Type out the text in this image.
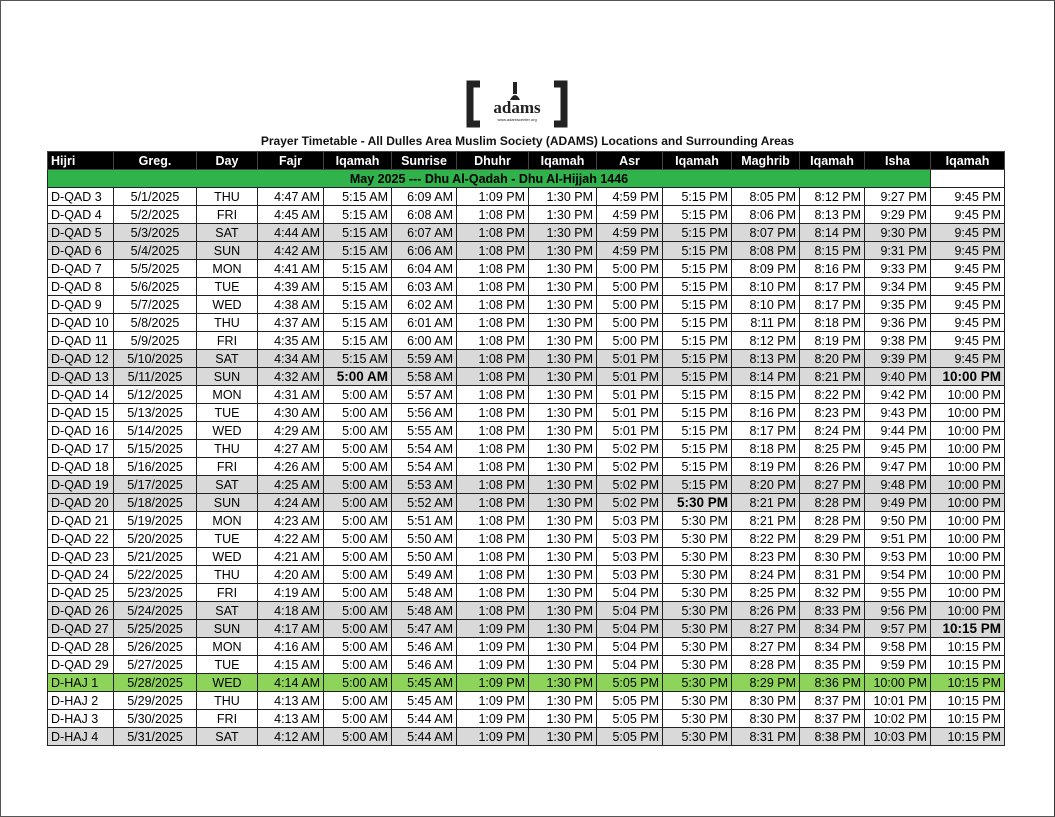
adams
www.adamscenter.org
Prayer Timetable - All Dulles Area Muslim Society (ADAMS) Locations and Surrounding Areas
Hijri	Greg.	Day	Fajr	Iqamah	Sunrise	Dhuhr	Iqamah	Asr	Iqamah	Maghrib	Iqamah	Isha	Iqamah
May 2025 --- Dhu Al-Qadah - Dhu Al-Hijjah 1446													
D-QAD 3	5/1/2025	THU	4:47 AM	5:15 AM	6:09 AM	1:09 PM	1:30 PM	4:59 PM	5:15 PM	8:05 PM	8:12 PM	9:27 PM	9:45 PM
D-QAD 4	5/2/2025	FRI	4:45 AM	5:15 AM	6:08 AM	1:08 PM	1:30 PM	4:59 PM	5:15 PM	8:06 PM	8:13 PM	9:29 PM	9:45 PM
D-QAD 5	5/3/2025	SAT	4:44 AM	5:15 AM	6:07 AM	1:08 PM	1:30 PM	4:59 PM	5:15 PM	8:07 PM	8:14 PM	9:30 PM	9:45 PM
D-QAD 6	5/4/2025	SUN	4:42 AM	5:15 AM	6:06 AM	1:08 PM	1:30 PM	4:59 PM	5:15 PM	8:08 PM	8:15 PM	9:31 PM	9:45 PM
D-QAD 7	5/5/2025	MON	4:41 AM	5:15 AM	6:04 AM	1:08 PM	1:30 PM	5:00 PM	5:15 PM	8:09 PM	8:16 PM	9:33 PM	9:45 PM
D-QAD 8	5/6/2025	TUE	4:39 AM	5:15 AM	6:03 AM	1:08 PM	1:30 PM	5:00 PM	5:15 PM	8:10 PM	8:17 PM	9:34 PM	9:45 PM
D-QAD 9	5/7/2025	WED	4:38 AM	5:15 AM	6:02 AM	1:08 PM	1:30 PM	5:00 PM	5:15 PM	8:10 PM	8:17 PM	9:35 PM	9:45 PM
D-QAD 10	5/8/2025	THU	4:37 AM	5:15 AM	6:01 AM	1:08 PM	1:30 PM	5:00 PM	5:15 PM	8:11 PM	8:18 PM	9:36 PM	9:45 PM
D-QAD 11	5/9/2025	FRI	4:35 AM	5:15 AM	6:00 AM	1:08 PM	1:30 PM	5:00 PM	5:15 PM	8:12 PM	8:19 PM	9:38 PM	9:45 PM
D-QAD 12	5/10/2025	SAT	4:34 AM	5:15 AM	5:59 AM	1:08 PM	1:30 PM	5:01 PM	5:15 PM	8:13 PM	8:20 PM	9:39 PM	9:45 PM
D-QAD 13	5/11/2025	SUN	4:32 AM	5:00 AM	5:58 AM	1:08 PM	1:30 PM	5:01 PM	5:15 PM	8:14 PM	8:21 PM	9:40 PM	10:00 PM
D-QAD 14	5/12/2025	MON	4:31 AM	5:00 AM	5:57 AM	1:08 PM	1:30 PM	5:01 PM	5:15 PM	8:15 PM	8:22 PM	9:42 PM	10:00 PM
D-QAD 15	5/13/2025	TUE	4:30 AM	5:00 AM	5:56 AM	1:08 PM	1:30 PM	5:01 PM	5:15 PM	8:16 PM	8:23 PM	9:43 PM	10:00 PM
D-QAD 16	5/14/2025	WED	4:29 AM	5:00 AM	5:55 AM	1:08 PM	1:30 PM	5:01 PM	5:15 PM	8:17 PM	8:24 PM	9:44 PM	10:00 PM
D-QAD 17	5/15/2025	THU	4:27 AM	5:00 AM	5:54 AM	1:08 PM	1:30 PM	5:02 PM	5:15 PM	8:18 PM	8:25 PM	9:45 PM	10:00 PM
D-QAD 18	5/16/2025	FRI	4:26 AM	5:00 AM	5:54 AM	1:08 PM	1:30 PM	5:02 PM	5:15 PM	8:19 PM	8:26 PM	9:47 PM	10:00 PM
D-QAD 19	5/17/2025	SAT	4:25 AM	5:00 AM	5:53 AM	1:08 PM	1:30 PM	5:02 PM	5:15 PM	8:20 PM	8:27 PM	9:48 PM	10:00 PM
D-QAD 20	5/18/2025	SUN	4:24 AM	5:00 AM	5:52 AM	1:08 PM	1:30 PM	5:02 PM	5:30 PM	8:21 PM	8:28 PM	9:49 PM	10:00 PM
D-QAD 21	5/19/2025	MON	4:23 AM	5:00 AM	5:51 AM	1:08 PM	1:30 PM	5:03 PM	5:30 PM	8:21 PM	8:28 PM	9:50 PM	10:00 PM
D-QAD 22	5/20/2025	TUE	4:22 AM	5:00 AM	5:50 AM	1:08 PM	1:30 PM	5:03 PM	5:30 PM	8:22 PM	8:29 PM	9:51 PM	10:00 PM
D-QAD 23	5/21/2025	WED	4:21 AM	5:00 AM	5:50 AM	1:08 PM	1:30 PM	5:03 PM	5:30 PM	8:23 PM	8:30 PM	9:53 PM	10:00 PM
D-QAD 24	5/22/2025	THU	4:20 AM	5:00 AM	5:49 AM	1:08 PM	1:30 PM	5:03 PM	5:30 PM	8:24 PM	8:31 PM	9:54 PM	10:00 PM
D-QAD 25	5/23/2025	FRI	4:19 AM	5:00 AM	5:48 AM	1:08 PM	1:30 PM	5:04 PM	5:30 PM	8:25 PM	8:32 PM	9:55 PM	10:00 PM
D-QAD 26	5/24/2025	SAT	4:18 AM	5:00 AM	5:48 AM	1:08 PM	1:30 PM	5:04 PM	5:30 PM	8:26 PM	8:33 PM	9:56 PM	10:00 PM
D-QAD 27	5/25/2025	SUN	4:17 AM	5:00 AM	5:47 AM	1:09 PM	1:30 PM	5:04 PM	5:30 PM	8:27 PM	8:34 PM	9:57 PM	10:15 PM
D-QAD 28	5/26/2025	MON	4:16 AM	5:00 AM	5:46 AM	1:09 PM	1:30 PM	5:04 PM	5:30 PM	8:27 PM	8:34 PM	9:58 PM	10:15 PM
D-QAD 29	5/27/2025	TUE	4:15 AM	5:00 AM	5:46 AM	1:09 PM	1:30 PM	5:04 PM	5:30 PM	8:28 PM	8:35 PM	9:59 PM	10:15 PM
D-HAJ 1	5/28/2025	WED	4:14 AM	5:00 AM	5:45 AM	1:09 PM	1:30 PM	5:05 PM	5:30 PM	8:29 PM	8:36 PM	10:00 PM	10:15 PM
D-HAJ 2	5/29/2025	THU	4:13 AM	5:00 AM	5:45 AM	1:09 PM	1:30 PM	5:05 PM	5:30 PM	8:30 PM	8:37 PM	10:01 PM	10:15 PM
D-HAJ 3	5/30/2025	FRI	4:13 AM	5:00 AM	5:44 AM	1:09 PM	1:30 PM	5:05 PM	5:30 PM	8:30 PM	8:37 PM	10:02 PM	10:15 PM
D-HAJ 4	5/31/2025	SAT	4:12 AM	5:00 AM	5:44 AM	1:09 PM	1:30 PM	5:05 PM	5:30 PM	8:31 PM	8:38 PM	10:03 PM	10:15 PM
